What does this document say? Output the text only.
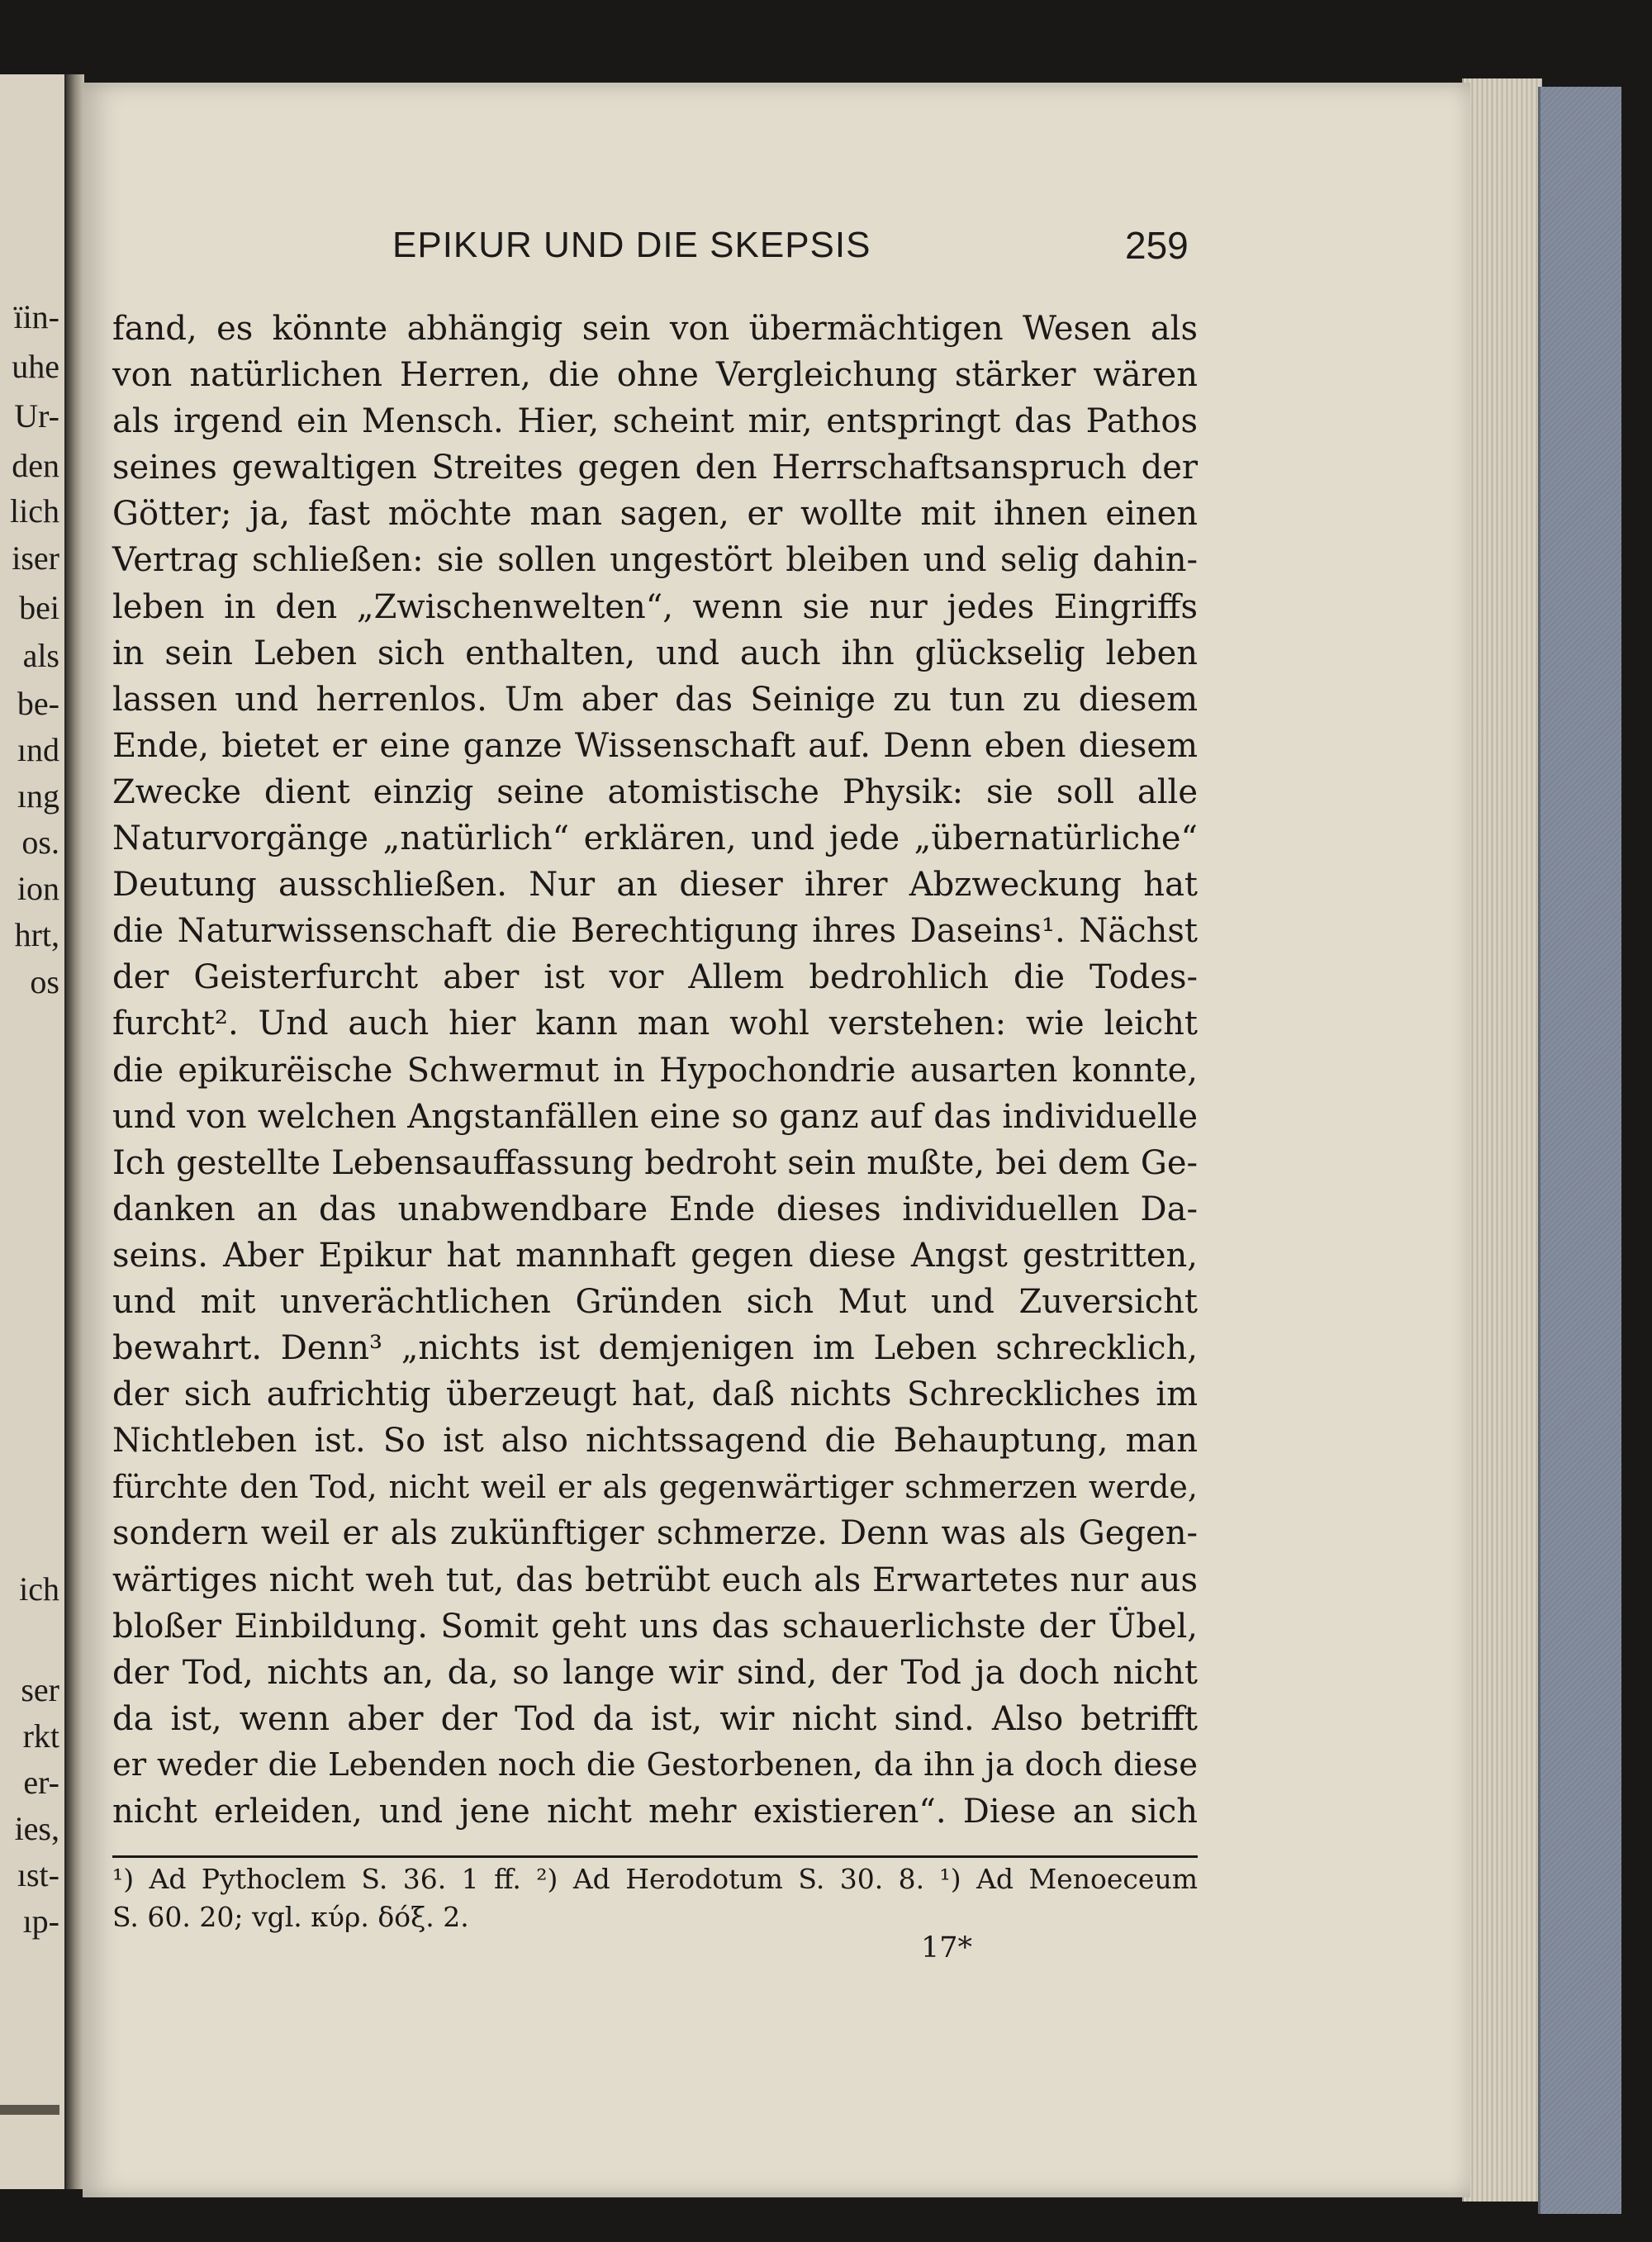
ïin-
uhe
Ur-
den
lich
iser
bei
als
be-
ınd
ıng
os.
ion
hrt,
os
ich
ser
rkt
er-
ies,
ıst-
ıp-
EPIKUR UND DIE SKEPSIS	259
fand, es könnte abhängig sein von übermächtigen Wesen als
von natürlichen Herren, die ohne Vergleichung stärker wären
als irgend ein Mensch. Hier, scheint mir, entspringt das Pathos
seines gewaltigen Streites gegen den Herrschaftsanspruch der
Götter; ja, fast möchte man sagen, er wollte mit ihnen einen
Vertrag schließen: sie sollen ungestört bleiben und selig dahin-
leben in den „Zwischenwelten“, wenn sie nur jedes Eingriffs
in sein Leben sich enthalten, und auch ihn glückselig leben
lassen und herrenlos. Um aber das Seinige zu tun zu diesem
Ende, bietet er eine ganze Wissenschaft auf. Denn eben diesem
Zwecke dient einzig seine atomistische Physik: sie soll alle
Naturvorgänge „natürlich“ erklären, und jede „übernatürliche“
Deutung ausschließen. Nur an dieser ihrer Abzweckung hat
die Naturwissenschaft die Berechtigung ihres Daseins¹. Nächst
der Geisterfurcht aber ist vor Allem bedrohlich die Todes-
furcht². Und auch hier kann man wohl verstehen: wie leicht
die epikurëische Schwermut in Hypochondrie ausarten konnte,
und von welchen Angstanfällen eine so ganz auf das individuelle
Ich gestellte Lebensauffassung bedroht sein mußte, bei dem Ge-
danken an das unabwendbare Ende dieses individuellen Da-
seins. Aber Epikur hat mannhaft gegen diese Angst gestritten,
und mit unverächtlichen Gründen sich Mut und Zuversicht
bewahrt. Denn³ „nichts ist demjenigen im Leben schrecklich,
der sich aufrichtig überzeugt hat, daß nichts Schreckliches im
Nichtleben ist. So ist also nichtssagend die Behauptung, man
fürchte den Tod, nicht weil er als gegenwärtiger schmerzen werde,
sondern weil er als zukünftiger schmerze. Denn was als Gegen-
wärtiges nicht weh tut, das betrübt euch als Erwartetes nur aus
bloßer Einbildung. Somit geht uns das schauerlichste der Übel,
der Tod, nichts an, da, so lange wir sind, der Tod ja doch nicht
da ist, wenn aber der Tod da ist, wir nicht sind. Also betrifft
er weder die Lebenden noch die Gestorbenen, da ihn ja doch diese
nicht erleiden, und jene nicht mehr existieren“. Diese an sich
¹) Ad Pythoclem S. 36. 1 ff. ²) Ad Herodotum S. 30. 8. ¹) Ad Menoeceum
S. 60. 20; vgl. κύρ. δόξ. 2.
17*
